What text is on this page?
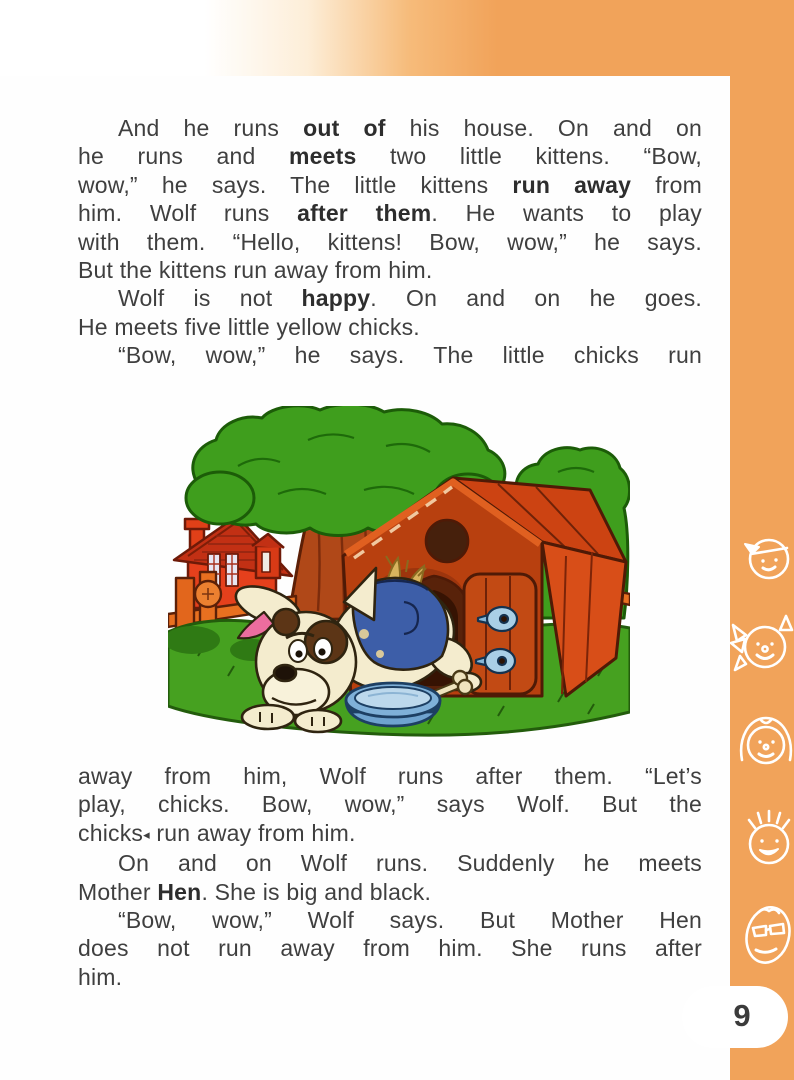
And he runs out of his house. On and on
he runs and meets two little kittens. “Bow,
wow,” he says. The little kittens run away from
him. Wolf runs after them. He wants to play
with them. “Hello, kittens! Bow, wow,” he says.
But the kittens run away from him.
Wolf is not happy. On and on he goes.
He meets five little yellow chicks.
“Bow, wow,” he says. The little chicks run
away from him, Wolf runs after them. “Let’s
play, chicks. Bow, wow,” says Wolf. But the
chicks◂ run away from him.
On and on Wolf runs. Suddenly he meets
Mother Hen. She is big and black.
“Bow, wow,” Wolf says. But Mother Hen
does not run away from him. She runs after
him.
9
